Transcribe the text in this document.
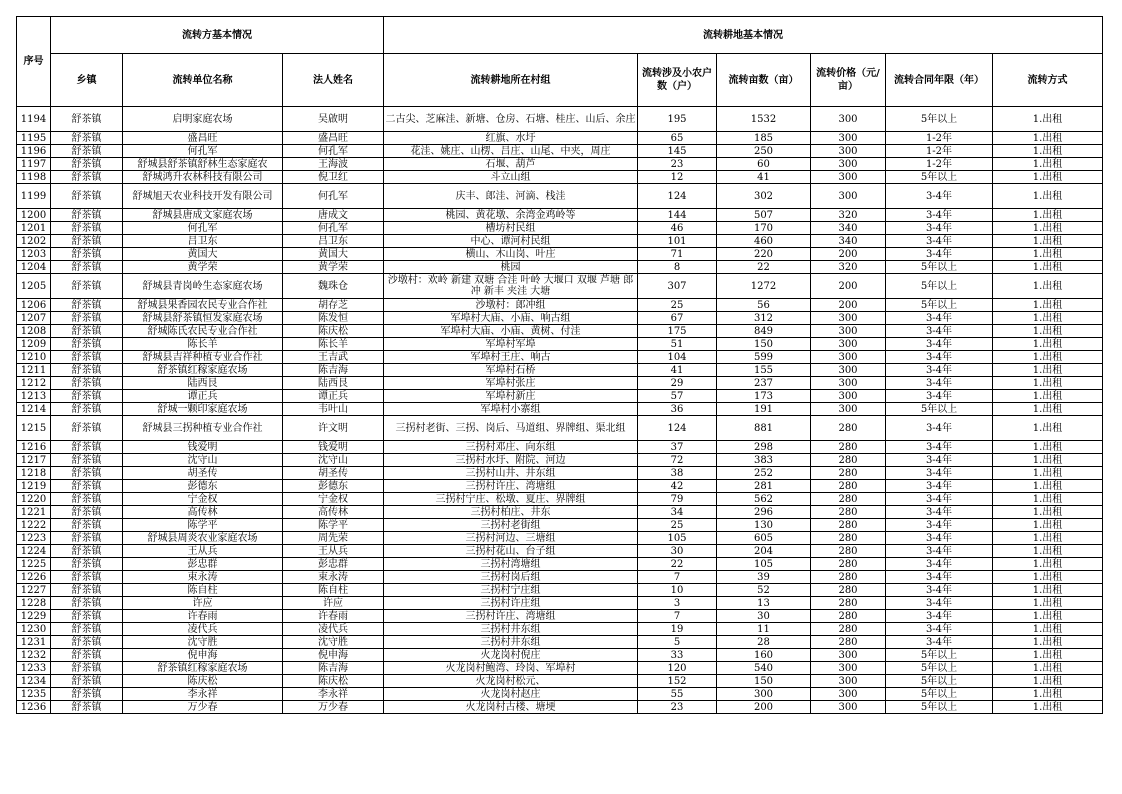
序号	流转方基本情况			流转耕地基本情况					
	乡镇	流转单位名称	法人姓名	流转耕地所在村组	流转涉及小农户数（户）	流转亩数（亩）	流转价格（元/亩）	流转合同年限（年）	流转方式
1194	舒茶镇	启明家庭农场	吴啟明	二古尖、芝麻洼、新塘、仓房、石塘、桂庄、山后、余庄	195	1532	300	5年以上	1.出租
1195	舒茶镇	盛昌旺	盛昌旺	红旗、水圩	65	185	300	1-2年	1.出租
1196	舒茶镇	何孔军	何孔军	花洼、姚庄、山楞、吕庄、山尾、中夹，周庄	145	250	300	1-2年	1.出租
1197	舒茶镇	舒城县舒茶镇舒林生态家庭农	王海波	石堰、葫芦	23	60	300	1-2年	1.出租
1198	舒茶镇	舒城鸿升农林科技有限公司	倪卫红	斗立山组	12	41	300	5年以上	1.出租
1199	舒茶镇	舒城旭天农业科技开发有限公司	何孔军	庆丰、郎洼、河滴、栈洼	124	302	300	3-4年	1.出租
1200	舒茶镇	舒城县唐成文家庭农场	唐成文	桃园、黄花墩、余湾金鸡岭等	144	507	320	3-4年	1.出租
1201	舒茶镇	何孔军	何孔军	槽坊村民组	46	170	340	3-4年	1.出租
1202	舒茶镇	吕卫东	吕卫东	中心、谭河村民组	101	460	340	3-4年	1.出租
1203	舒茶镇	黄国大	黄国大	横山、木山岗、叶庄	71	220	200	3-4年	1.出租
1204	舒茶镇	黄学荣	黄学荣	桃园	8	22	320	5年以上	1.出租
1205	舒茶镇	舒城县青岗岭生态家庭农场	魏珠仓	沙墩村：欢岭 新建 双塘 合洼 叶岭 大堰口 双堰 芦塘 郎冲 新丰 夹洼 大塘	307	1272	200	5年以上	1.出租
1206	舒茶镇	舒城县果香园农民专业合作社	胡存芝	沙墩村：郎冲组	25	56	200	5年以上	1.出租
1207	舒茶镇	舒城县舒茶镇恒发家庭农场	陈发恒	军埠村大庙、小庙、响古组	67	312	300	3-4年	1.出租
1208	舒茶镇	舒城陈氏农民专业合作社	陈庆松	军埠村大庙、小庙、黄树、付洼	175	849	300	3-4年	1.出租
1209	舒茶镇	陈长羊	陈长羊	军埠村军埠	51	150	300	3-4年	1.出租
1210	舒茶镇	舒城县吉祥种植专业合作社	王吉武	军埠村王庄、响古	104	599	300	3-4年	1.出租
1211	舒茶镇	舒茶镇红稼家庭农场	陈吉海	军埠村石桥	41	155	300	3-4年	1.出租
1212	舒茶镇	陆西艮	陆西艮	军埠村张庄	29	237	300	3-4年	1.出租
1213	舒茶镇	谭正兵	谭正兵	军埠村新庄	57	173	300	3-4年	1.出租
1214	舒茶镇	舒城一颗印家庭农场	韦叶山	军埠村小寨组	36	191	300	5年以上	1.出租
1215	舒茶镇	舒城县三拐种植专业合作社	许文明	三拐村老街、三拐、岗后、马道组、界牌组、渠北组	124	881	280	3-4年	1.出租
1216	舒茶镇	钱爱明	钱爱明	三拐村邓庄、向东组	37	298	280	3-4年	1.出租
1217	舒茶镇	沈守山	沈守山	三拐村水圩、附院、河边	72	383	280	3-4年	1.出租
1218	舒茶镇	胡圣传	胡圣传	三拐村山井、井东组	38	252	280	3-4年	1.出租
1219	舒茶镇	彭德东	彭德东	三拐村许庄、湾塘组	42	281	280	3-4年	1.出租
1220	舒茶镇	宁金权	宁金权	三拐村宁庄、松墩、夏庄、界牌组	79	562	280	3-4年	1.出租
1221	舒茶镇	高传林	高传林	三拐村柏庄、井东	34	296	280	3-4年	1.出租
1222	舒茶镇	陈学平	陈学平	三拐村老街组	25	130	280	3-4年	1.出租
1223	舒茶镇	舒城县周炎农业家庭农场	周先荣	三拐村河边、三塘组	105	605	280	3-4年	1.出租
1224	舒茶镇	王从兵	王从兵	三拐村花山、台子组	30	204	280	3-4年	1.出租
1225	舒茶镇	彭忠群	彭忠群	三拐村湾塘组	22	105	280	3-4年	1.出租
1226	舒茶镇	束永涛	束永涛	三拐村岗后组	7	39	280	3-4年	1.出租
1227	舒茶镇	陈自柱	陈自柱	三拐村宁庄组	10	52	280	3-4年	1.出租
1228	舒茶镇	许应	许应	三拐村许庄组	3	13	280	3-4年	1.出租
1229	舒茶镇	许春雨	许春雨	三拐村许庄、湾塘组	7	30	280	3-4年	1.出租
1230	舒茶镇	凌代兵	凌代兵	三拐村井东组	19	11	280	3-4年	1.出租
1231	舒茶镇	沈守胜	沈守胜	三拐村井东组	5	28	280	3-4年	1.出租
1232	舒茶镇	倪申海	倪申海	火龙岗村倪庄	33	160	300	5年以上	1.出租
1233	舒茶镇	舒茶镇红稼家庭农场	陈吉海	火龙岗村鲍湾、玲岗、军埠村	120	540	300	5年以上	1.出租
1234	舒茶镇	陈庆松	陈庆松	火龙岗村松元、	152	150	300	5年以上	1.出租
1235	舒茶镇	李永祥	李永祥	火龙岗村赵庄	55	300	300	5年以上	1.出租
1236	舒茶镇	万少春	万少春	火龙岗村古楼、塘埂	23	200	300	5年以上	1.出租
